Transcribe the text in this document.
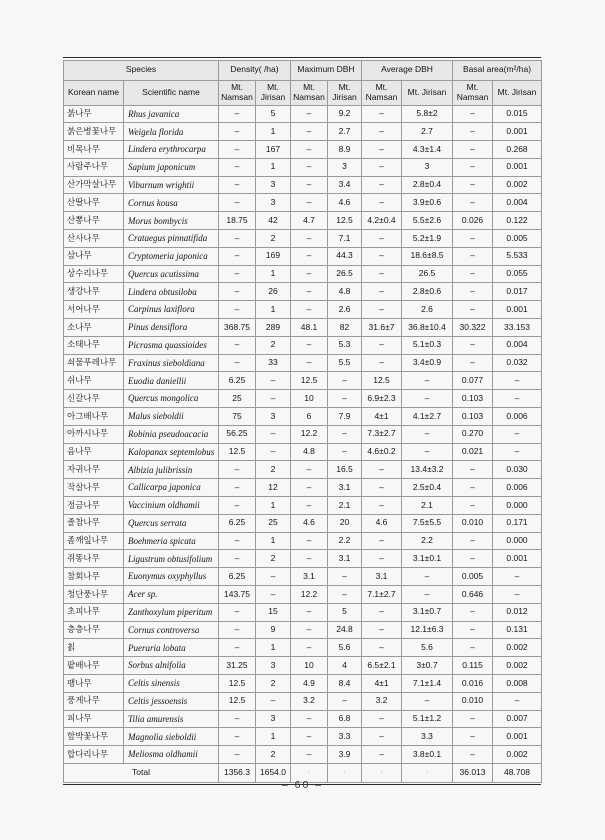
Species		Density( /ha)		Maximum DBH		Average DBH		Basal area(m²/ha)	
Korean name	Scientific name	Mt. Namsan	Mt. Jirisan	Mt. Namsan	Mt. Jirisan	Mt. Namsan	Mt. Jirisan	Mt. Namsan	Mt. Jirisan
붉나무	Rhus javanica	–	5	–	9.2	–	5.8±2	–	0.015
붉은병꽃나무	Weigela florida	–	1	–	2.7	–	2.7	–	0.001
비목나무	Lindera erythrocarpa	–	167	–	8.9	–	4.3±1.4	–	0.268
사람주나무	Sapium japonicum	–	1	–	3	–	3	–	0.001
산가막살나무	Viburnum wrightii	–	3	–	3.4	–	2.8±0.4	–	0.002
산딸나무	Cornus kousa	–	3	–	4.6	–	3.9±0.6	–	0.004
산뽕나무	Morus bombycis	18.75	42	4.7	12.5	4.2±0.4	5.5±2.6	0.026	0.122
산사나무	Crataegus pinnatifida	–	2	–	7.1	–	5.2±1.9	–	0.005
삼나무	Cryptomeria japonica	–	169	–	44.3	–	18.6±8.5	–	5.533
상수리나무	Quercus acutissima	–	1	–	26.5	–	26.5	–	0.055
생강나무	Lindera obtusiloba	–	26	–	4.8	–	2.8±0.6	–	0.017
서어나무	Carpinus laxiflora	–	1	–	2.6	–	2.6	–	0.001
소나무	Pinus densiflora	368.75	289	48.1	82	31.6±7	36.8±10.4	30.322	33.153
소태나무	Picrasma quassioides	–	2	–	5.3	–	5.1±0.3	–	0.004
쇠물푸레나무	Fraxinus sieboldiana	–	33	–	5.5	–	3.4±0.9	–	0.032
쉬나무	Euodia daniellii	6.25	–	12.5	–	12.5	–	0.077	–
신갈나무	Quercus mongolica	25	–	10	–	6.9±2.3	–	0.103	–
아그배나무	Malus sieboldii	75	3	6	7.9	4±1	4.1±2.7	0.103	0.006
아까시나무	Robinia pseudoacacia	56.25	–	12.2	–	7.3±2.7	–	0.270	–
음나무	Kalopanax septemlobus	12.5	–	4.8	–	4.6±0.2	–	0.021	–
자귀나무	Albizia julibrissin	–	2	–	16.5	–	13.4±3.2	–	0.030
작살나무	Callicarpa japonica	–	12	–	3.1	–	2.5±0.4	–	0.006
정금나무	Vaccinium oldhamii	–	1	–	2.1	–	2.1	–	0.000
졸참나무	Quercus serrata	6.25	25	4.6	20	4.6	7.5±5.5	0.010	0.171
좀깨잎나무	Boehmeria spicata	–	1	–	2.2	–	2.2	–	0.000
쥐똥나무	Ligustrum obtusifolium	–	2	–	3.1	–	3.1±0.1	–	0.001
참회나무	Euonymus oxyphyllus	6.25	–	3.1	–	3.1	–	0.005	–
청단풍나무	Acer sp.	143.75	–	12.2	–	7.1±2.7	–	0.646	–
초피나무	Zanthoxylum piperitum	–	15	–	5	–	3.1±0.7	–	0.012
층층나무	Cornus controversa	–	9	–	24.8	–	12.1±6.3	–	0.131
칡	Pueraria lobata	–	1	–	5.6	–	5.6	–	0.002
팥배나무	Sorbus alnifolia	31.25	3	10	4	6.5±2.1	3±0.7	0.115	0.002
팽나무	Celtis sinensis	12.5	2	4.9	8.4	4±1	7.1±1.4	0.016	0.008
풍게나무	Celtis jessoensis	12.5	–	3.2	–	3.2	–	0.010	–
피나무	Tilia amurensis	–	3	–	6.8	–	5.1±1.2	–	0.007
함박꽃나무	Magnolia sieboldii	–	1	–	3.3	–	3.3	–	0.001
합다리나무	Meliosma oldhamii	–	2	–	3.9	–	3.8±0.1	–	0.002
Total		1356.3	1654.0	·	·	·	·	36.013	48.708
– 60 –
